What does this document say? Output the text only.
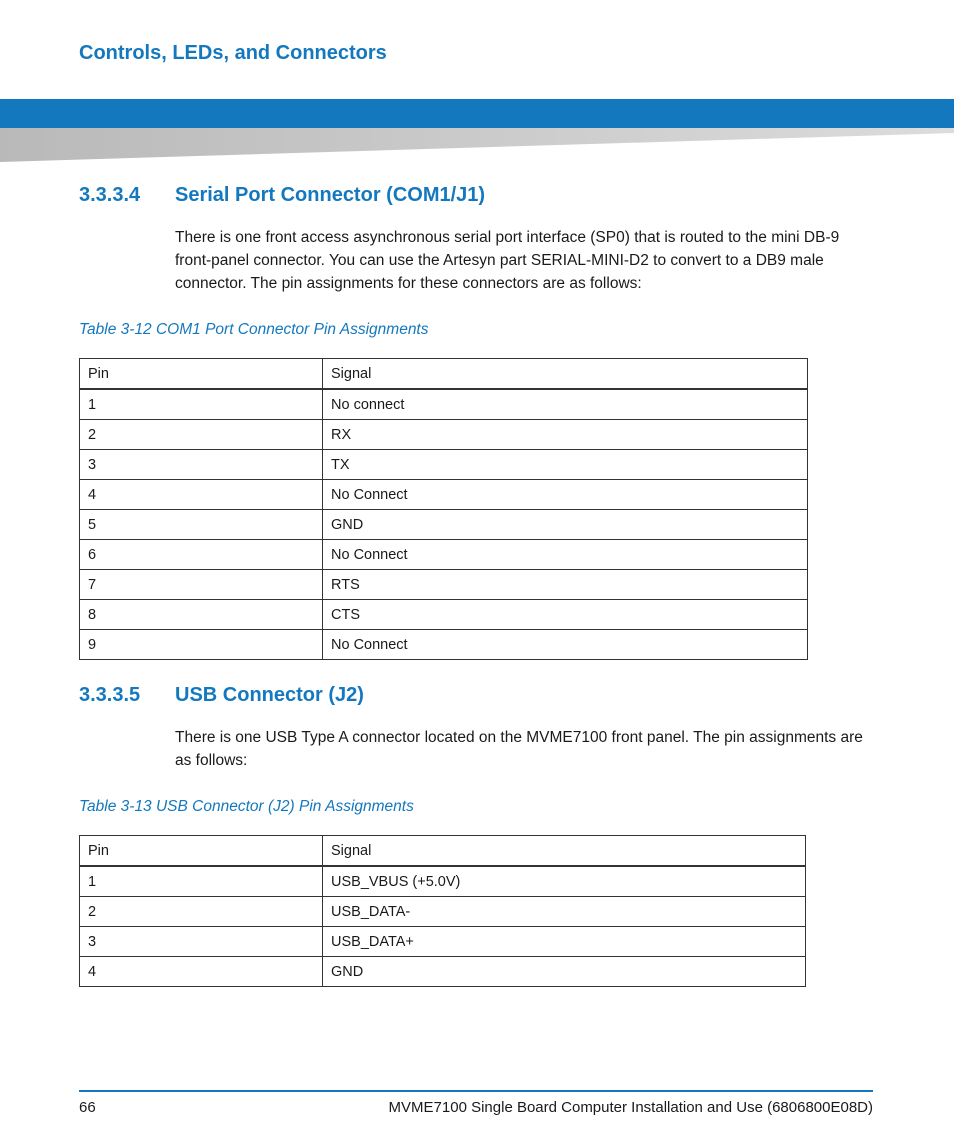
Controls, LEDs, and Connectors
3.3.3.4 Serial Port Connector (COM1/J1)
There is one front access asynchronous serial port interface (SP0) that is routed to the mini DB-9 front-panel connector. You can use the Artesyn part SERIAL-MINI-D2 to convert to a DB9 male connector. The pin assignments for these connectors are as follows:
Table 3-12 COM1 Port Connector Pin Assignments
Pin	Signal
1	No connect
2	RX
3	TX
4	No Connect
5	GND
6	No Connect
7	RTS
8	CTS
9	No Connect
3.3.3.5 USB Connector (J2)
There is one USB Type A connector located on the MVME7100 front panel. The pin assignments are as follows:
Table 3-13 USB Connector (J2) Pin Assignments
Pin	Signal
1	USB_VBUS (+5.0V)
2	USB_DATA-
3	USB_DATA+
4	GND
66	MVME7100 Single Board Computer Installation and Use (6806800E08D)
